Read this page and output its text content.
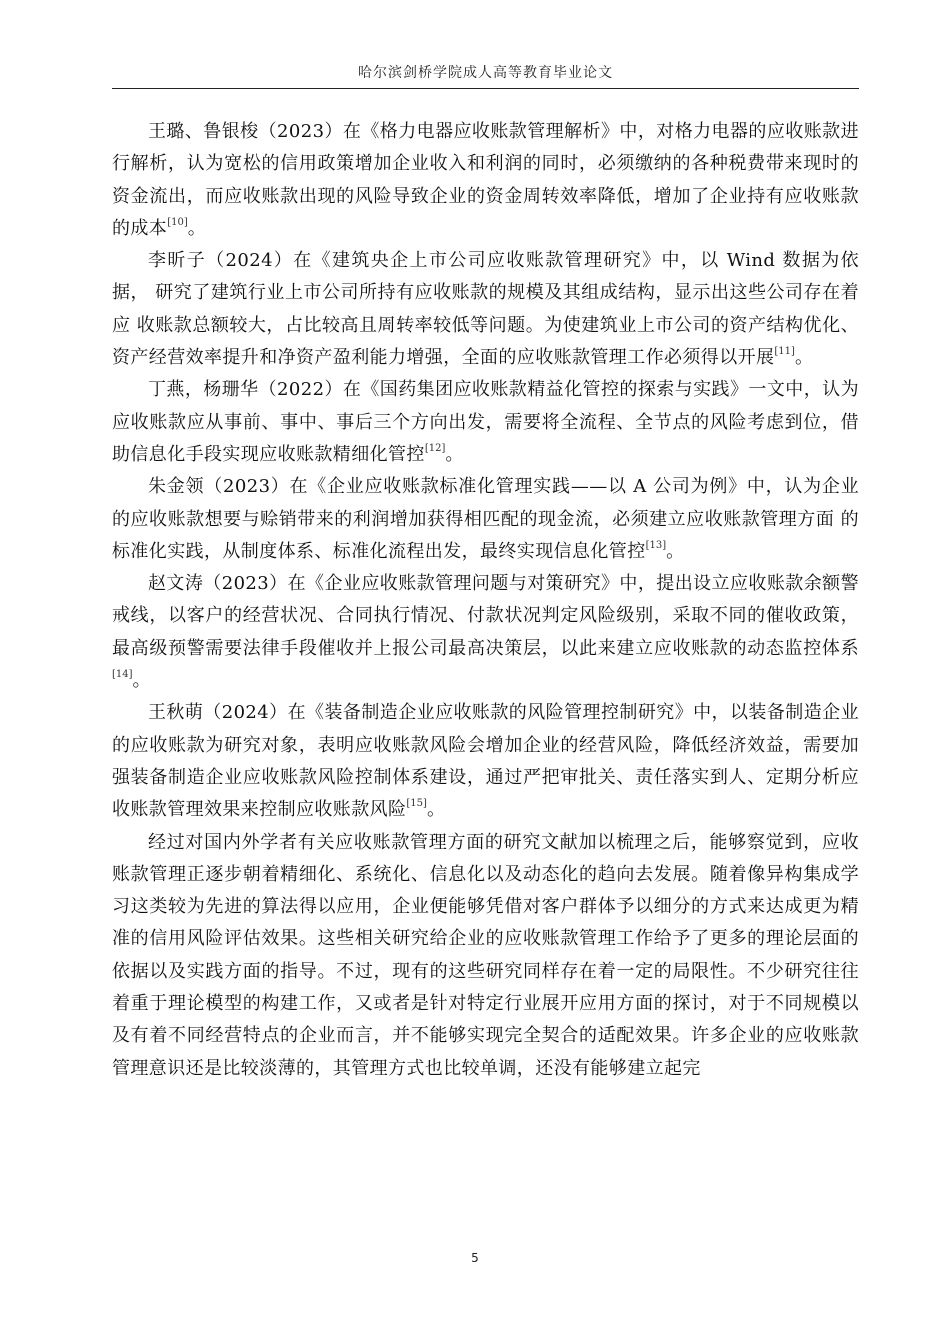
哈尔滨剑桥学院成人高等教育毕业论文

王璐、鲁银梭（2023）在《格力电器应收账款管理解析》中，对格力电器的应收账款进行解析，认为宽松的信用政策增加企业收入和利润的同时，必须缴纳的各种税费带来现时的资金流出，而应收账款出现的风险导致企业的资金周转效率降低，增加了企业持有应收账款的成本[10]。

李昕子（2024）在《建筑央企上市公司应收账款管理研究》中，以 Wind 数据为依据， 研究了建筑行业上市公司所持有应收账款的规模及其组成结构，显示出这些公司存在着应 收账款总额较大，占比较高且周转率较低等问题。为使建筑业上市公司的资产结构优化、 资产经营效率提升和净资产盈利能力增强，全面的应收账款管理工作必须得以开展[11]。

丁燕，杨珊华（2022）在《国药集团应收账款精益化管控的探索与实践》一文中，认为应收账款应从事前、事中、事后三个方向出发，需要将全流程、全节点的风险考虑到位，借助信息化手段实现应收账款精细化管控[12]。

朱金领（2023）在《企业应收账款标准化管理实践——以 A 公司为例》中，认为企业 的应收账款想要与赊销带来的利润增加获得相匹配的现金流，必须建立应收账款管理方面 的标准化实践，从制度体系、标准化流程出发，最终实现信息化管控[13]。

赵文涛（2023）在《企业应收账款管理问题与对策研究》中，提出设立应收账款余额警戒线，以客户的经营状况、合同执行情况、付款状况判定风险级别，采取不同的催收政策，最高级预警需要法律手段催收并上报公司最高决策层，以此来建立应收账款的动态监控体系[14]。

王秋萌（2024）在《装备制造企业应收账款的风险管理控制研究》中，以装备制造企业的应收账款为研究对象，表明应收账款风险会增加企业的经营风险，降低经济效益，需要加强装备制造企业应收账款风险控制体系建设，通过严把审批关、责任落实到人、定期分析应收账款管理效果来控制应收账款风险[15]。

经过对国内外学者有关应收账款管理方面的研究文献加以梳理之后，能够察觉到，应收账款管理正逐步朝着精细化、系统化、信息化以及动态化的趋向去发展。随着像异构集成学习这类较为先进的算法得以应用，企业便能够凭借对客户群体予以细分的方式来达成更为精准的信用风险评估效果。这些相关研究给企业的应收账款管理工作给予了更多的理论层面的依据以及实践方面的指导。不过，现有的这些研究同样存在着一定的局限性。不少研究往往着重于理论模型的构建工作，又或者是针对特定行业展开应用方面的探讨，对于不同规模以及有着不同经营特点的企业而言，并不能够实现完全契合的适配效果。许多企业的应收账款管理意识还是比较淡薄的，其管理方式也比较单调，还没有能够建立起完

5
